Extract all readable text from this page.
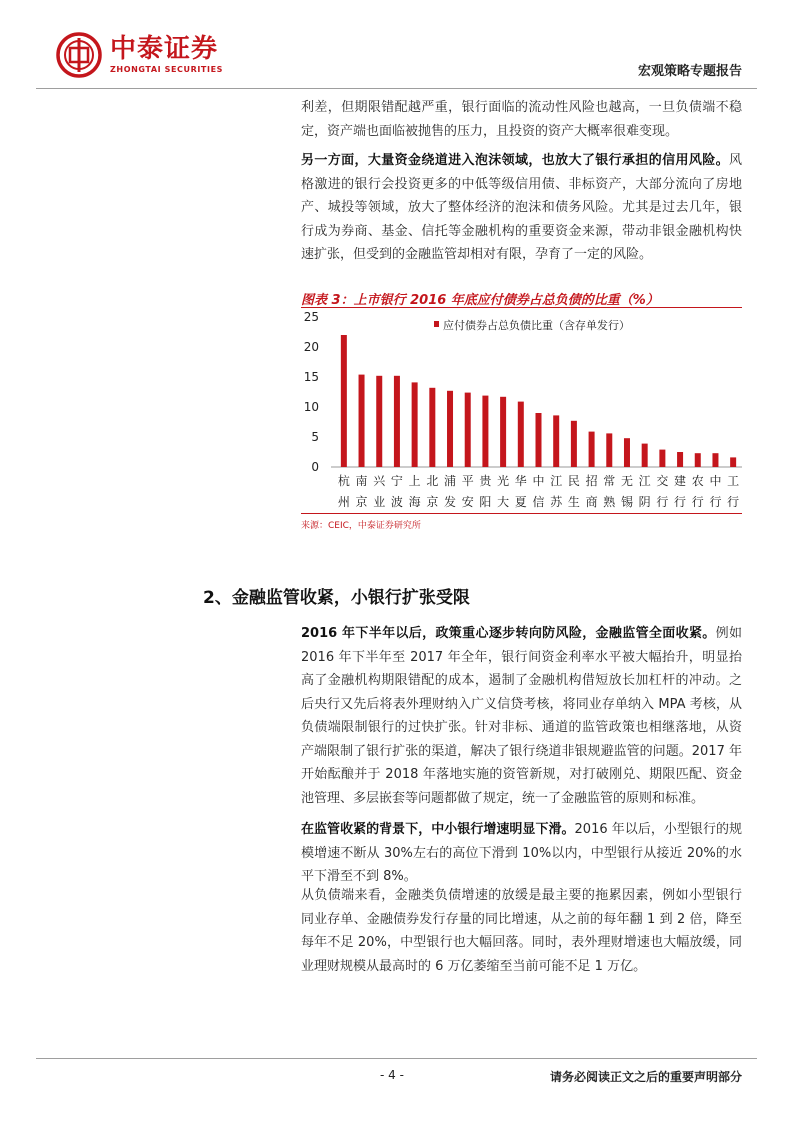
中泰证券
ZHONGTAI SECURITIES	宏观策略专题报告

利差，但期限错配越严重，银行面临的流动性风险也越高，一旦负债端不稳定，资产端也面临被抛售的压力，且投资的资产大概率很难变现。

另一方面，大量资金绕道进入泡沫领域，也放大了银行承担的信用风险。风格激进的银行会投资更多的中低等级信用债、非标资产，大部分流向了房地产、城投等领域，放大了整体经济的泡沫和债务风险。尤其是过去几年，银行成为券商、基金、信托等金融机构的重要资金来源，带动非银金融机构快速扩张，但受到的金融监管却相对有限，孕育了一定的风险。

图表 3：上市银行 2016 年底应付债券占总负债的比重（%）
0
5
10
15
20
25
杭
州
南
京
兴
业
宁
波
上
海
北
京
浦
发
平
安
贵
阳
光
大
华
夏
中
信
江
苏
民
生
招
商
常
熟
无
锡
江
阴
交
行
建
行
农
行
中
行
工
行
应付债券占总负债比重（含存单发行）
来源：CEIC，中泰证券研究所
2、金融监管收紧，小银行扩张受限

2016 年下半年以后，政策重心逐步转向防风险，金融监管全面收紧。例如 2016 年下半年至 2017 年全年，银行间资金利率水平被大幅抬升，明显抬高了金融机构期限错配的成本，遏制了金融机构借短放长加杠杆的冲动。之后央行又先后将表外理财纳入广义信贷考核，将同业存单纳入 MPA 考核，从负债端限制银行的过快扩张。针对非标、通道的监管政策也相继落地，从资产端限制了银行扩张的渠道，解决了银行绕道非银规避监管的问题。2017 年开始酝酿并于 2018 年落地实施的资管新规，对打破刚兑、期限匹配、资金池管理、多层嵌套等问题都做了规定，统一了金融监管的原则和标准。

在监管收紧的背景下，中小银行增速明显下滑。2016 年以后，小型银行的规模增速不断从 30%左右的高位下滑到 10%以内，中型银行从接近 20%的水平下滑至不到 8%。

从负债端来看，金融类负债增速的放缓是最主要的拖累因素，例如小型银行同业存单、金融债券发行存量的同比增速，从之前的每年翻 1 到 2 倍，降至每年不足 20%，中型银行也大幅回落。同时，表外理财增速也大幅放缓，同业理财规模从最高时的 6 万亿萎缩至当前可能不足 1 万亿。

- 4 -	请务必阅读正文之后的重要声明部分
